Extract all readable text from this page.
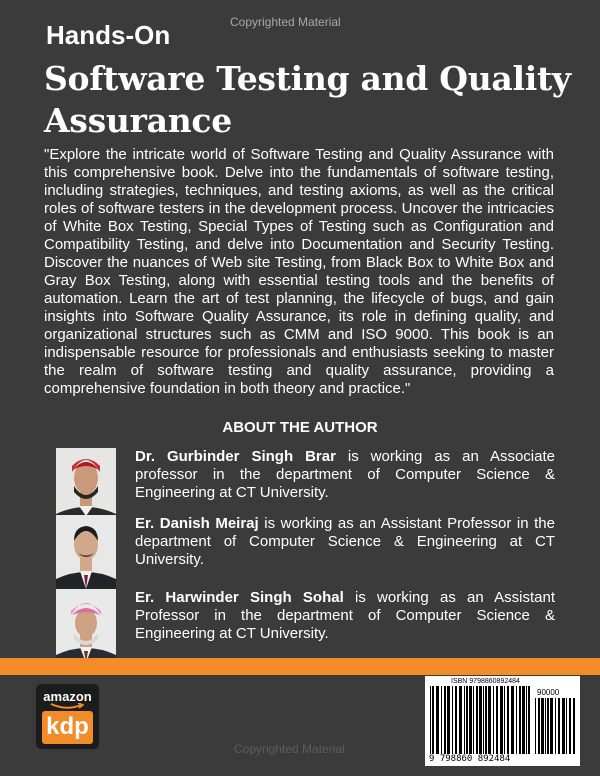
Copyrighted Material
Hands-On
Software Testing and Quality Assurance

"Explore the intricate world of Software Testing and Quality Assurance with this comprehensive book. Delve into the fundamentals of software testing, including strategies, techniques, and testing axioms, as well as the critical roles of software testers in the development process. Uncover the intricacies of White Box Testing, Special Types of Testing such as Configuration and Compatibility Testing, and delve into Documentation and Security Testing. Discover the nuances of Web site Testing, from Black Box to White Box and Gray Box Testing, along with essential testing tools and the benefits of automation. Learn the art of test planning, the lifecycle of bugs, and gain insights into Software Quality Assurance, its role in defining quality, and organizational structures such as CMM and ISO 9000. This book is an indispensable resource for professionals and enthusiasts seeking to master the realm of software testing and quality assurance, providing a comprehensive foundation in both theory and practice."

ABOUT THE AUTHOR

Dr. Gurbinder Singh Brar is working as an Associate professor in the department of Computer Science & Engineering at CT University.

Er. Danish Meiraj is working as an Assistant Professor in the department of Computer Science & Engineering at CT University.

Er. Harwinder Singh Sohal is working as an Assistant Professor in the department of Computer Science & Engineering at CT University.

amazon
kdp
ISBN 9798860892484
90000
9 798860 892484
Copyrighted Material
